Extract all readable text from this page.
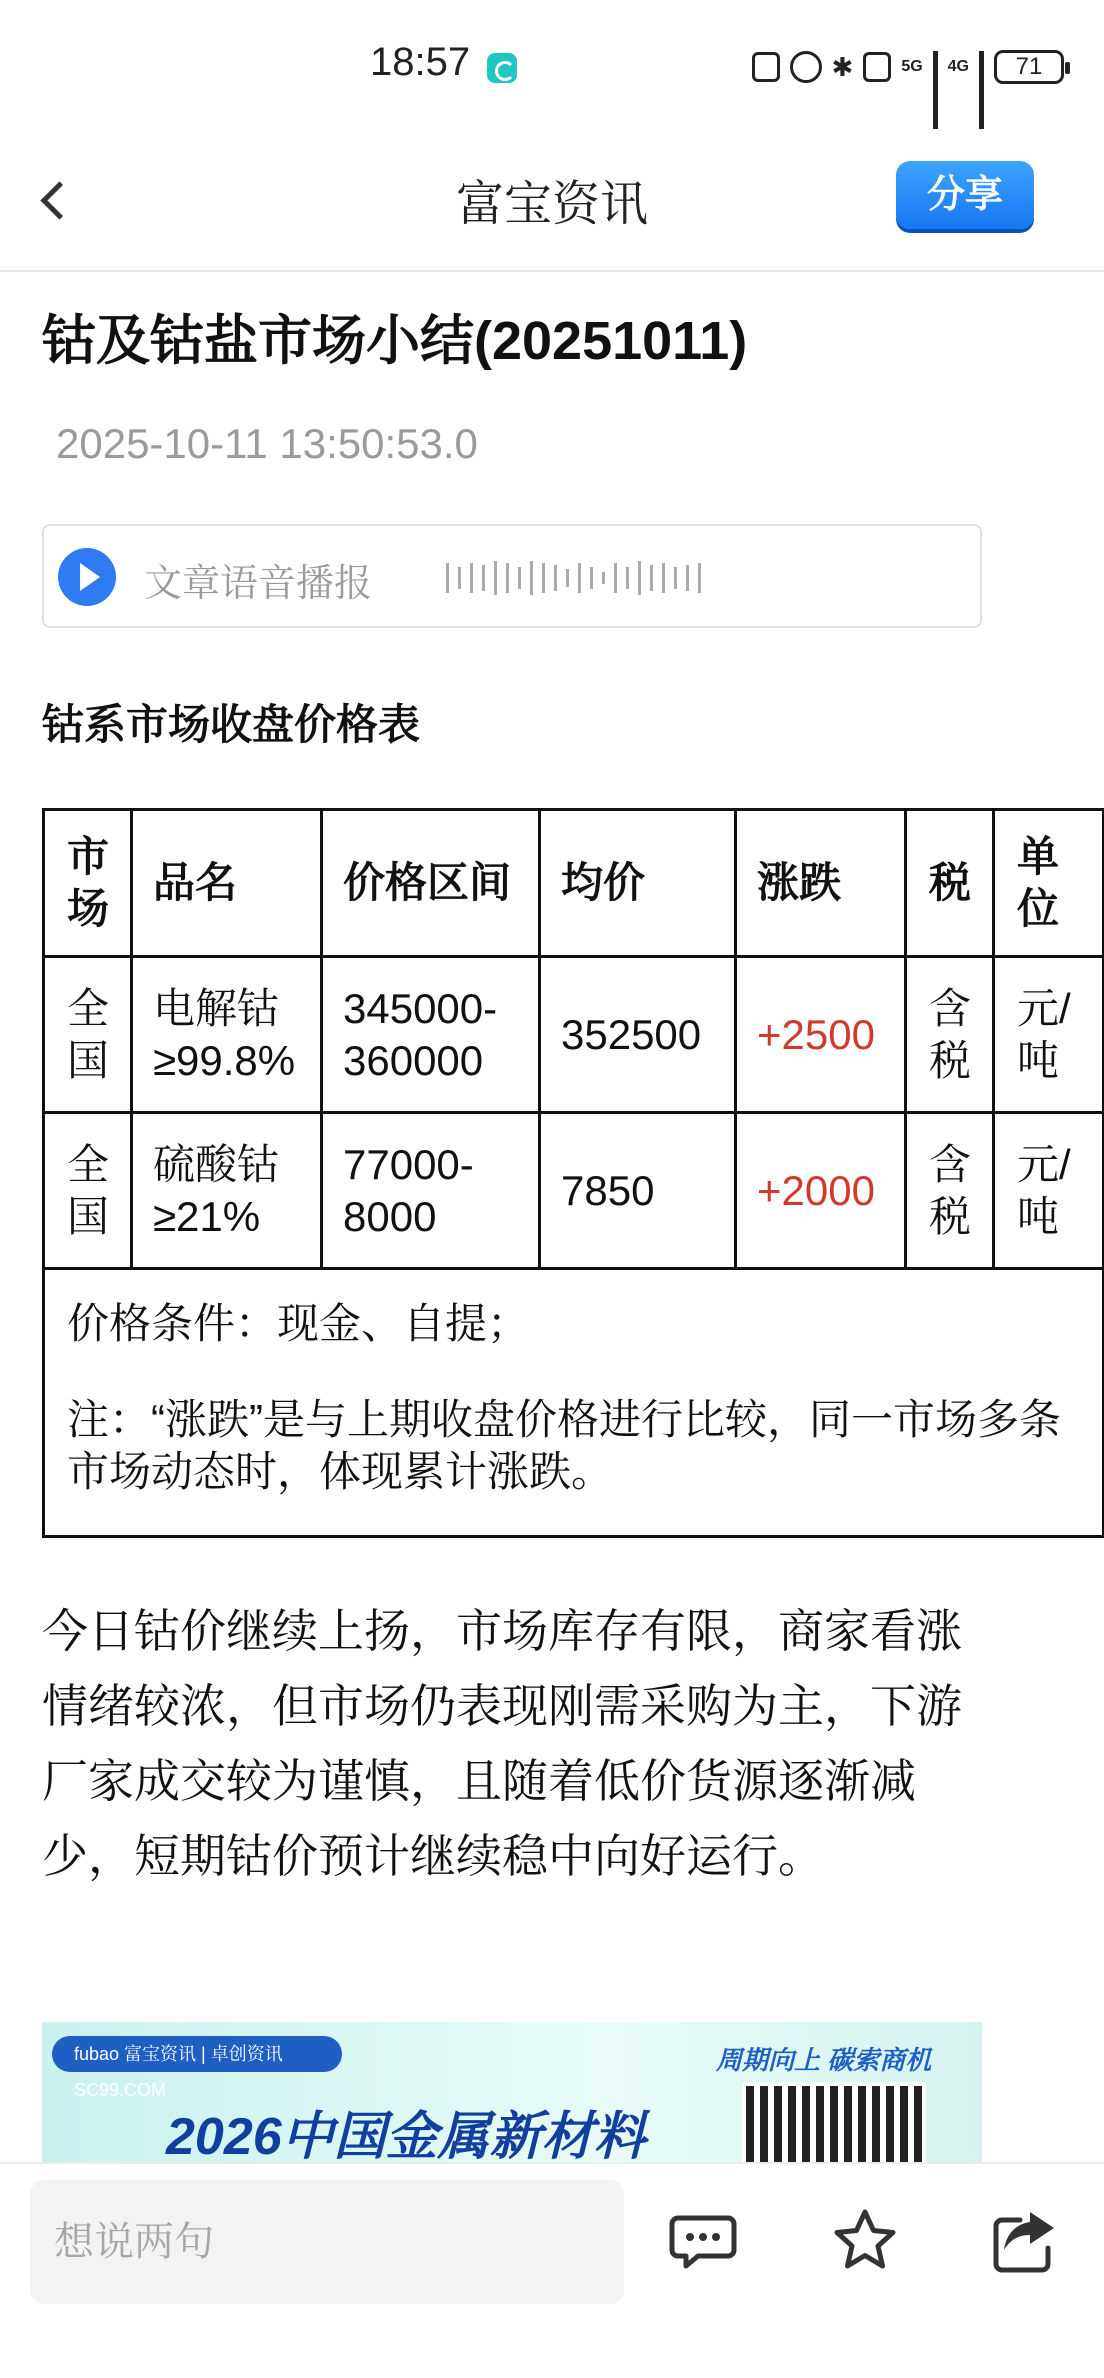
18:57	✱	5G 4G	71
富宝资讯	分享
钴及钴盐市场小结(20251011)
2025-10-11 13:50:53.0
文章语音播报
钴系市场收盘价格表
市场	品名	价格区间	均价	涨跌	税	单位
全国	电解钴≥99.8%	345000-360000	352500	+2500	含税	元/吨
全国	硫酸钴≥21%	77000-8000	7850	+2000	含税	元/吨

价格条件：现金、自提；
注：“涨跌”是与上期收盘价格进行比较，同一市场多条市场动态时，体现累计涨跌。						
今日钴价继续上扬，市场库存有限，商家看涨情绪较浓，但市场仍表现刚需采购为主，下游厂家成交较为谨慎，且随着低价货源逐渐减少，短期钴价预计继续稳中向好运行。
fubao 富宝资讯 | 卓创资讯 SC99.COM
周期向上 碳索商机
2026中国金属新材料
想说两句
